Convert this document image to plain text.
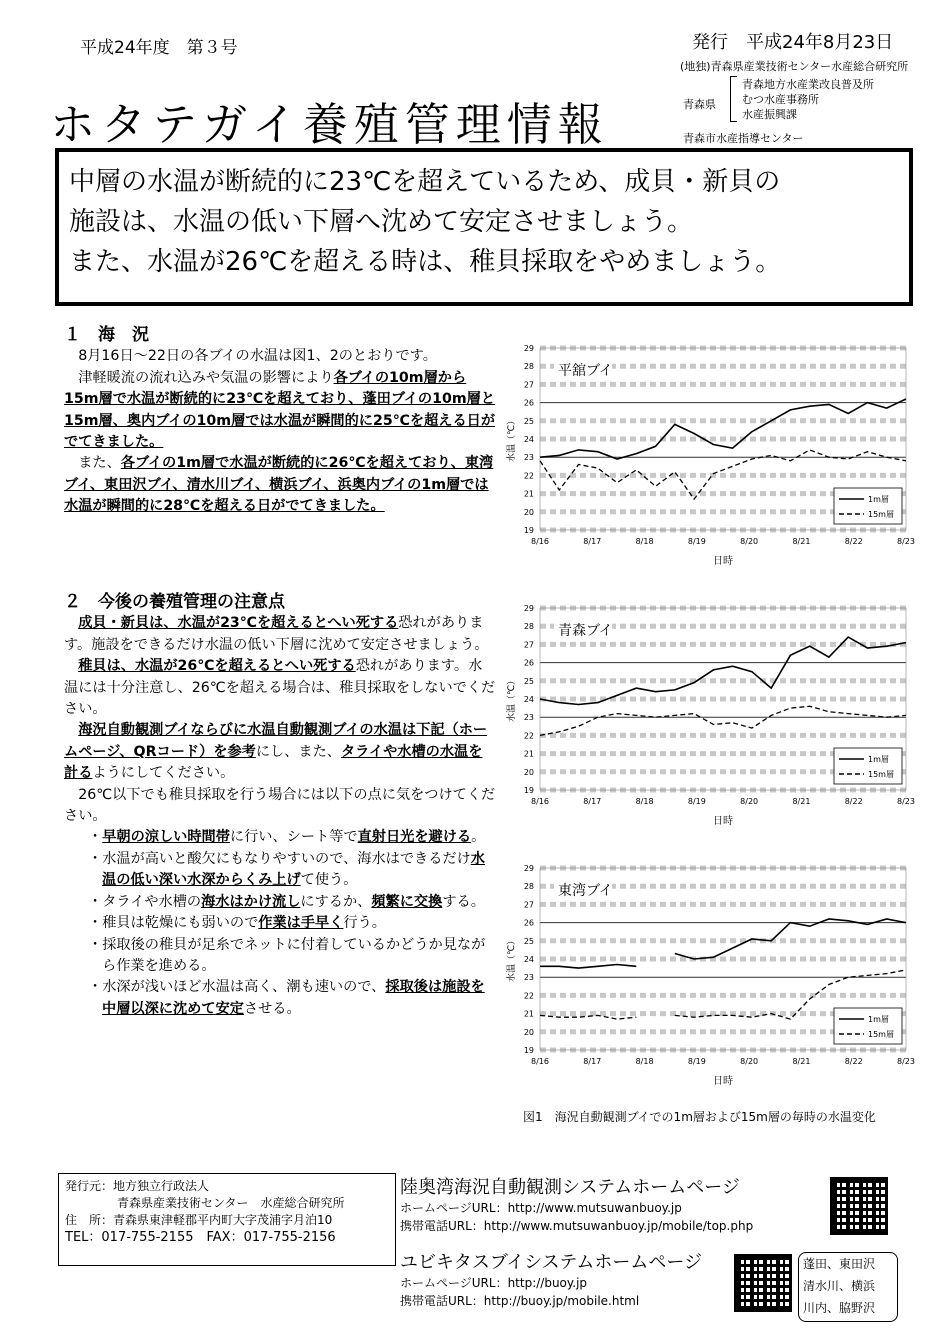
平成24年度　第３号	発行　平成24年8月23日
(地独)青森県産業技術センター水産総合研究所
ホタテガイ養殖管理情報	青森県
青森地方水産業改良普及所
むつ水産事務所
水産振興課
青森市水産指導センター
中層の水温が断続的に23℃を超えているため、成貝・新貝の
施設は、水温の低い下層へ沈めて安定させましょう。
また、水温が26℃を超える時は、稚貝採取をやめましょう。

１　海　況

8月16日～22日の各ブイの水温は図1、2のとおりです。

津軽暖流の流れ込みや気温の影響により各ブイの10m層から15m層で水温が断続的に23℃を超えており、蓬田ブイの10m層と15m層、奥内ブイの10m層では水温が瞬間的に25℃を超える日がでてきました。

また、各ブイの1m層で水温が断続的に26℃を超えており、東湾ブイ、東田沢ブイ、清水川ブイ、横浜ブイ、浜奥内ブイの1m層では水温が瞬間的に28℃を超える日がでてきました。

２　今後の養殖管理の注意点

成貝・新貝は、水温が23℃を超えるとへい死する恐れがあります。施設をできるだけ水温の低い下層に沈めて安定させましょう。

稚貝は、水温が26℃を超えるとへい死する恐れがあります。水温には十分注意し、26℃を超える場合は、稚貝採取をしないでください。

海況自動観測ブイならびに水温自動観測ブイの水温は下記（ホームページ、QRコード）を参考にし、また、タライや水槽の水温を計るようにしてください。

26℃以下でも稚貝採取を行う場合には以下の点に気をつけてください。

・早朝の涼しい時間帯に行い、シート等で直射日光を避ける。

・水温が高いと酸欠にもなりやすいので、海水はできるだけ水温の低い深い水深からくみ上げて使う。

・タライや水槽の海水はかけ流しにするか、頻繁に交換する。

・稚貝は乾燥にも弱いので作業は手早く行う。

・採取後の稚貝が足糸でネットに付着しているかどうか見ながら作業を進める。

・水深が浅いほど水温は高く、潮も速いので、採取後は施設を中層以深に沈めて安定させる。

19
20
21
22
23
24
25
26
27
28
29
8/16	8/17	8/18	8/19	8/20	8/21	8/22	8/23
日時
水温（℃）
平舘ブイ
1m層
15m層
19
20
21
22
23
24
25
26
27
28
29
8/16	8/17	8/18	8/19	8/20	8/21	8/22	8/23
日時
水温（℃）
青森ブイ
1m層
15m層
19
20
21
22
23
24
25
26
27
28
29
8/16	8/17	8/18	8/19	8/20	8/21	8/22	8/23
日時
水温（℃）
東湾ブイ
1m層
15m層
図1　海況自動観測ブイでの1m層および15m層の毎時の水温変化
発行元：地方独立行政法人
青森県産業技術センター　水産総合研究所
住　所：青森県東津軽郡平内町大字茂浦字月泊10
TEL：017-755-2155　FAX：017-755-2156
陸奥湾海況自動観測システムホームページ
ホームページURL：http://www.mutsuwanbuoy.jp
携帯電話URL：http://www.mutsuwanbuoy.jp/mobile/top.php
ユビキタスブイシステムホームページ
ホームページURL：http://buoy.jp
携帯電話URL：http://buoy.jp/mobile.html
蓬田、東田沢
清水川、横浜
川内、脇野沢
